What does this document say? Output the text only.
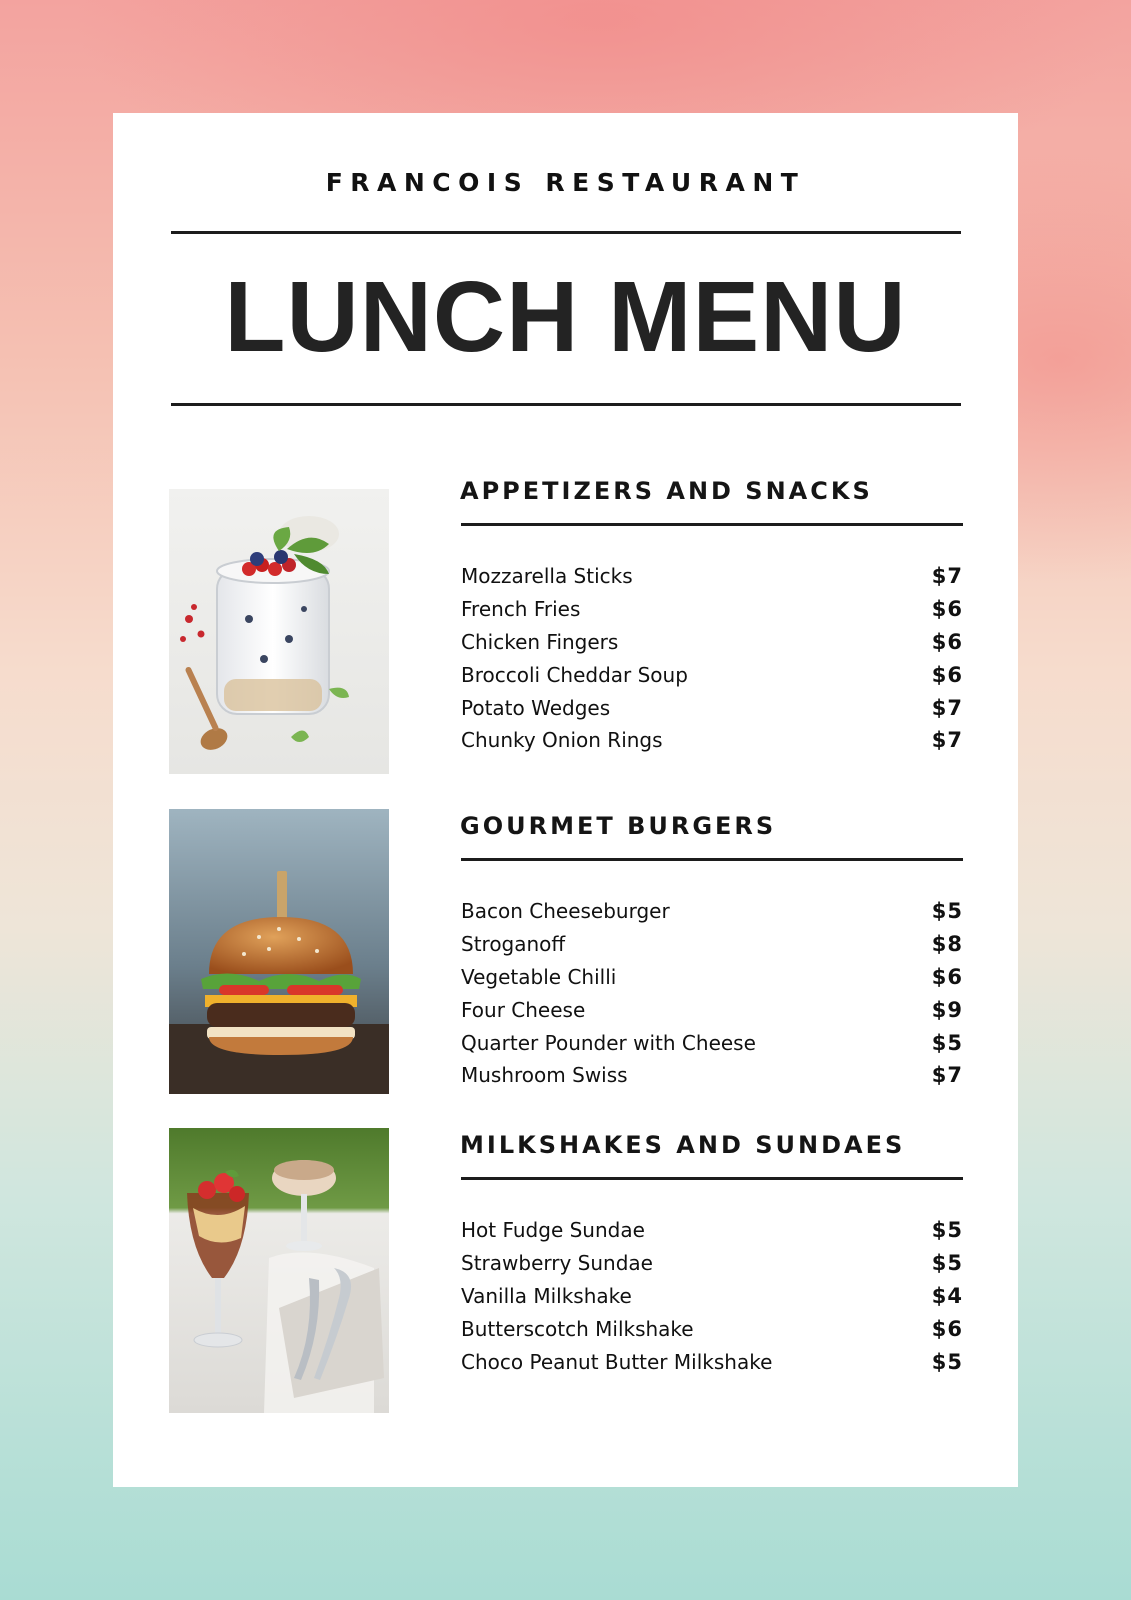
FRANCOIS RESTAURANT
LUNCH MENU
APPETIZERS AND SNACKS
Mozzarella Sticks	$7
French Fries	$6
Chicken Fingers	$6
Broccoli Cheddar Soup	$6
Potato Wedges	$7
Chunky Onion Rings	$7
GOURMET BURGERS
Bacon Cheeseburger	$5
Stroganoff	$8
Vegetable Chilli	$6
Four Cheese	$9
Quarter Pounder with Cheese	$5
Mushroom Swiss	$7
MILKSHAKES AND SUNDAES
Hot Fudge Sundae	$5
Strawberry Sundae	$5
Vanilla Milkshake	$4
Butterscotch Milkshake	$6
Choco Peanut Butter Milkshake	$5
